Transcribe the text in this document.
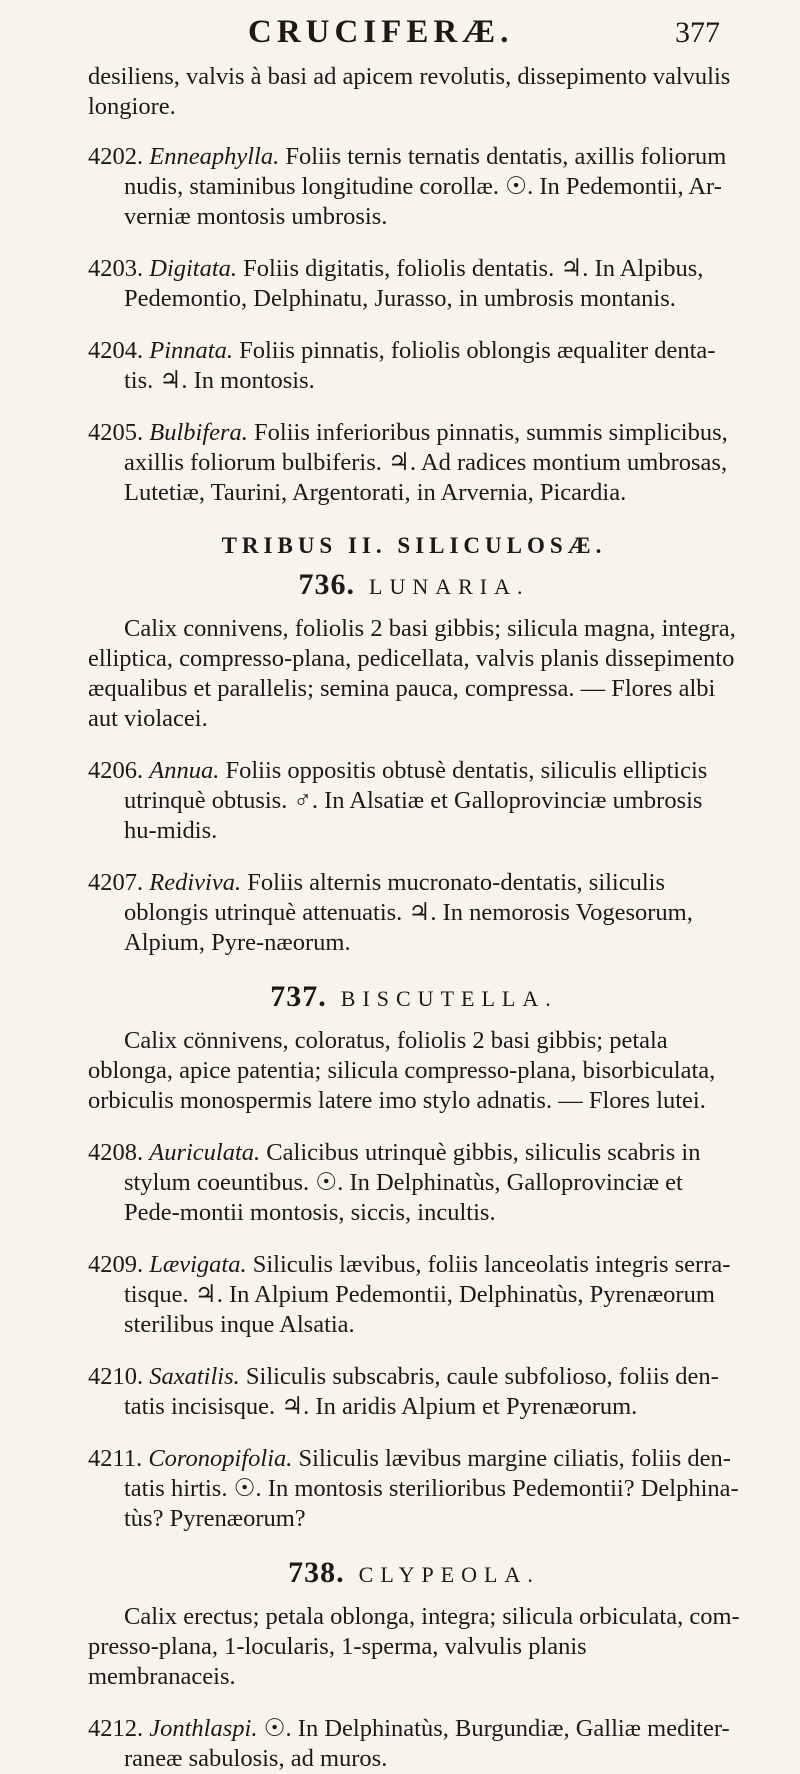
CRUCIFERÆ.	377

desiliens, valvis à basi ad apicem revolutis, dissepimento valvulis longiore.

4202. Enneaphylla. Foliis ternis ternatis dentatis, axillis foliorum nudis, staminibus longitudine corollæ. ☉. In Pedemontii, Ar-verniæ montosis umbrosis.

4203. Digitata. Foliis digitatis, foliolis dentatis. ♃. In Alpibus, Pedemontio, Delphinatu, Jurasso, in umbrosis montanis.

4204. Pinnata. Foliis pinnatis, foliolis oblongis æqualiter denta-tis. ♃. In montosis.

4205. Bulbifera. Foliis inferioribus pinnatis, summis simplicibus, axillis foliorum bulbiferis. ♃. Ad radices montium umbrosas, Lutetiæ, Taurini, Argentorati, in Arvernia, Picardia.

TRIBUS II. SILICULOSÆ.
736. LUNARIA.

Calix connivens, foliolis 2 basi gibbis; silicula magna, integra, elliptica, compresso-plana, pedicellata, valvis planis dissepimento æqualibus et parallelis; semina pauca, compressa. — Flores albi aut violacei.

4206. Annua. Foliis oppositis obtusè dentatis, siliculis ellipticis utrinquè obtusis. ♂. In Alsatiæ et Galloprovinciæ umbrosis hu-midis.

4207. Rediviva. Foliis alternis mucronato-dentatis, siliculis oblongis utrinquè attenuatis. ♃. In nemorosis Vogesorum, Alpium, Pyre-næorum.

737. BISCUTELLA.

Calix cönnivens, coloratus, foliolis 2 basi gibbis; petala oblonga, apice patentia; silicula compresso-plana, bisorbiculata, orbiculis monospermis latere imo stylo adnatis. — Flores lutei.

4208. Auriculata. Calicibus utrinquè gibbis, siliculis scabris in stylum coeuntibus. ☉. In Delphinatùs, Galloprovinciæ et Pede-montii montosis, siccis, incultis.

4209. Lævigata. Siliculis lævibus, foliis lanceolatis integris serra-tisque. ♃. In Alpium Pedemontii, Delphinatùs, Pyrenæorum sterilibus inque Alsatia.

4210. Saxatilis. Siliculis subscabris, caule subfolioso, foliis den-tatis incisisque. ♃. In aridis Alpium et Pyrenæorum.

4211. Coronopifolia. Siliculis lævibus margine ciliatis, foliis den-tatis hirtis. ☉. In montosis sterilioribus Pedemontii? Delphina-tùs? Pyrenæorum?

738. CLYPEOLA.

Calix erectus; petala oblonga, integra; silicula orbiculata, com-presso-plana, 1-locularis, 1-sperma, valvulis planis membranaceis.

4212. Jonthlaspi. ☉. In Delphinatùs, Burgundiæ, Galliæ mediter-raneæ sabulosis, ad muros.
